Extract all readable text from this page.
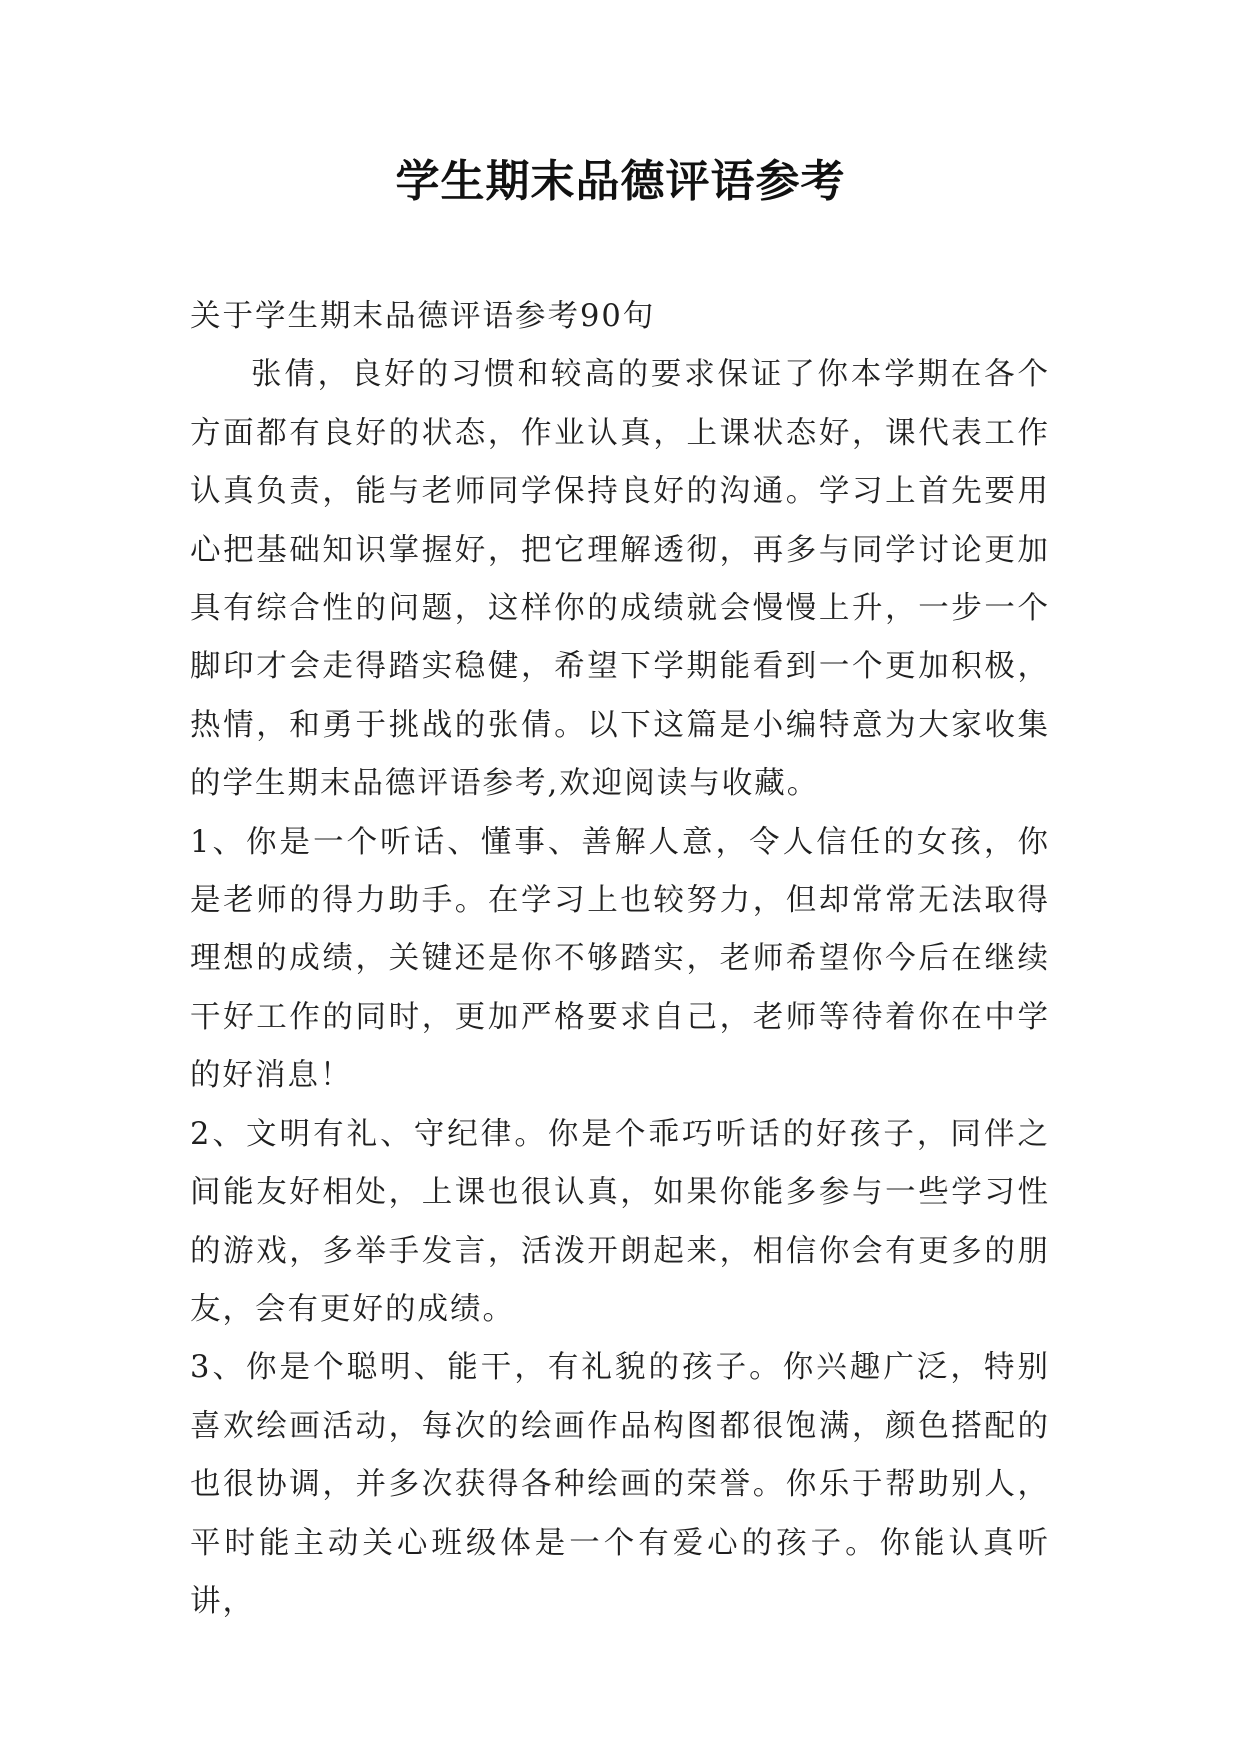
学生期末品德评语参考

关于学生期末品德评语参考90句

张倩，良好的习惯和较高的要求保证了你本学期在各个方面都有良好的状态，作业认真，上课状态好，课代表工作认真负责，能与老师同学保持良好的沟通。学习上首先要用心把基础知识掌握好，把它理解透彻，再多与同学讨论更加具有综合性的问题，这样你的成绩就会慢慢上升，一步一个脚印才会走得踏实稳健，希望下学期能看到一个更加积极，热情，和勇于挑战的张倩。以下这篇是小编特意为大家收集的学生期末品德评语参考,欢迎阅读与收藏。

1、你是一个听话、懂事、善解人意，令人信任的女孩，你是老师的得力助手。在学习上也较努力，但却常常无法取得理想的成绩，关键还是你不够踏实，老师希望你今后在继续干好工作的同时，更加严格要求自己，老师等待着你在中学的好消息！

2、文明有礼、守纪律。你是个乖巧听话的好孩子，同伴之间能友好相处，上课也很认真，如果你能多参与一些学习性的游戏，多举手发言，活泼开朗起来，相信你会有更多的朋友，会有更好的成绩。

3、你是个聪明、能干，有礼貌的孩子。你兴趣广泛，特别喜欢绘画活动，每次的绘画作品构图都很饱满，颜色搭配的也很协调，并多次获得各种绘画的荣誉。你乐于帮助别人，平时能主动关心班级体是一个有爱心的孩子。你能认真听讲，
